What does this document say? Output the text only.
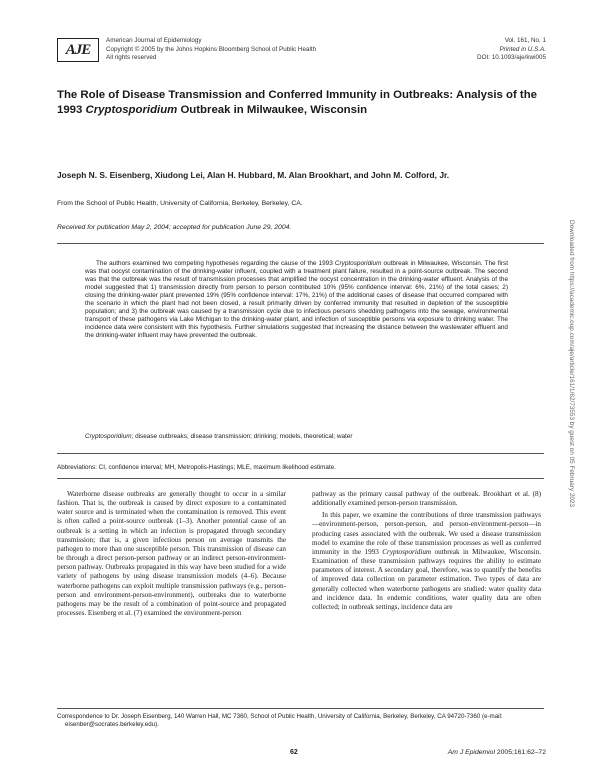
AJE
American Journal of Epidemiology
Copyright © 2005 by the Johns Hopkins Bloomberg School of Public Health
All rights reserved
Vol. 161, No. 1
Printed in U.S.A.
DOI: 10.1093/aje/kwi005
The Role of Disease Transmission and Conferred Immunity in Outbreaks: Analysis of the 1993 Cryptosporidium Outbreak in Milwaukee, Wisconsin
Joseph N. S. Eisenberg, Xiudong Lei, Alan H. Hubbard, M. Alan Brookhart, and John M. Colford, Jr.
From the School of Public Health, University of California, Berkeley, Berkeley, CA.
Received for publication May 2, 2004; accepted for publication June 29, 2004.
The authors examined two competing hypotheses regarding the cause of the 1993 Cryptosporidium outbreak in Milwaukee, Wisconsin. The first was that oocyst contamination of the drinking-water influent, coupled with a treatment plant failure, resulted in a point-source outbreak. The second was that the outbreak was the result of transmission processes that amplified the oocyst concentration in the drinking-water effluent. Analysis of the model suggested that 1) transmission directly from person to person contributed 10% (95% confidence interval: 6%, 21%) of the total cases; 2) closing the drinking-water plant prevented 19% (95% confidence interval: 17%, 21%) of the additional cases of disease that occurred compared with the scenario in which the plant had not been closed, a result primarily driven by conferred immunity that resulted in depletion of the susceptible population; and 3) the outbreak was caused by a transmission cycle due to infectious persons shedding pathogens into the sewage, environmental transport of these pathogens via Lake Michigan to the drinking-water plant, and infection of susceptible persons via exposure to drinking water. The incidence data were consistent with this hypothesis. Further simulations suggested that increasing the distance between the wastewater effluent and the drinking-water influent may have prevented the outbreak.
Cryptosporidium; disease outbreaks; disease transmission; drinking; models, theoretical; water
Abbreviations: CI, confidence interval; MH, Metropolis-Hastings; MLE, maximum likelihood estimate.

Waterborne disease outbreaks are generally thought to occur in a similar fashion. That is, the outbreak is caused by direct exposure to a contaminated water source and is terminated when the contamination is removed. This event is often called a point-source outbreak (1–3). Another potential cause of an outbreak is a setting in which an infection is propagated through secondary transmission; that is, a given infectious person on average transmits the pathogen to more than one susceptible person. This transmission of disease can be through a direct person-person pathway or an indirect person-environment-person pathway. Outbreaks propagated in this way have been studied for a wide variety of pathogens by using disease transmission models (4–6). Because waterborne pathogens can exploit multiple transmission pathways (e.g., person-person and environment-person-environment), outbreaks due to waterborne pathogens may be the result of a combination of point-source and propagated processes. Eisenberg et al. (7) examined the environment-person

pathway as the primary causal pathway of the outbreak. Brookhart et al. (8) additionally examined person-person transmission.

In this paper, we examine the contributions of three transmission pathways—environment-person, person-person, and person-environment-person—in producing cases associated with the outbreak. We used a disease transmission model to examine the role of these transmission processes as well as conferred immunity in the 1993 Cryptosporidium outbreak in Milwaukee, Wisconsin. Examination of these transmission pathways requires the ability to estimate parameters of interest. A secondary goal, therefore, was to quantify the benefits of improved data collection on parameter estimation. Two types of data are generally collected when waterborne pathogens are studied: water quality data and incidence data. In endemic conditions, water quality data are often collected; in outbreak settings, incidence data are

Correspondence to Dr. Joseph Eisenberg, 140 Warren Hall, MC 7360, School of Public Health, University of California, Berkeley, Berkeley, CA 94720-7360 (e-mail: eisenber@socrates.berkeley.edu).
62	Am J Epidemiol 2005;161:62–72
Downloaded from https://academic.oup.com/aje/article/161/1/62/73553 by guest on 05 February 2023
